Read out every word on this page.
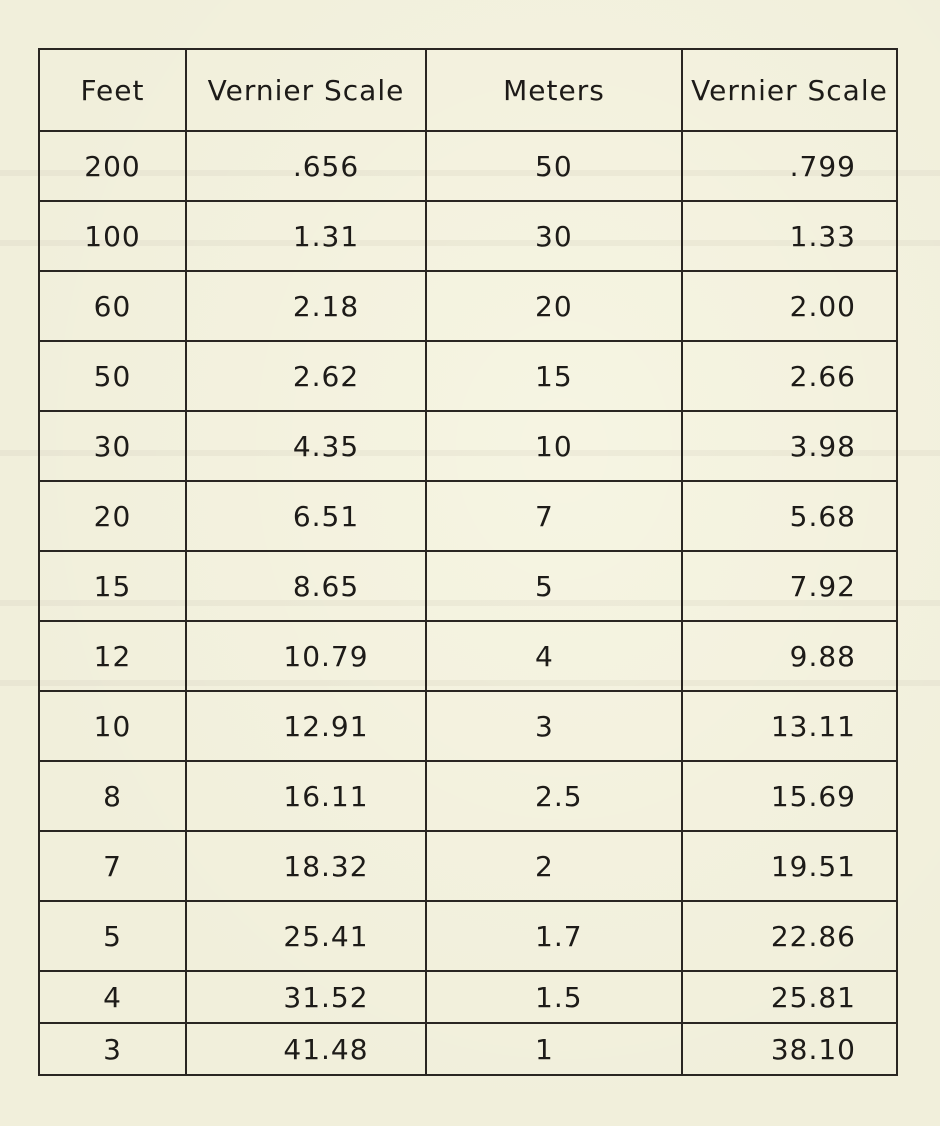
Feet	Vernier Scale	Meters	Vernier Scale
200	.656	50	.799
100	1.31	30	1.33
60	2.18	20	2.00
50	2.62	15	2.66
30	4.35	10	3.98
20	6.51	7	5.68
15	8.65	5	7.92
12	10.79	4	9.88
10	12.91	3	13.11
8	16.11	2.5	15.69
7	18.32	2	19.51
5	25.41	1.7	22.86
4	31.52	1.5	25.81
3	41.48	1	38.10
